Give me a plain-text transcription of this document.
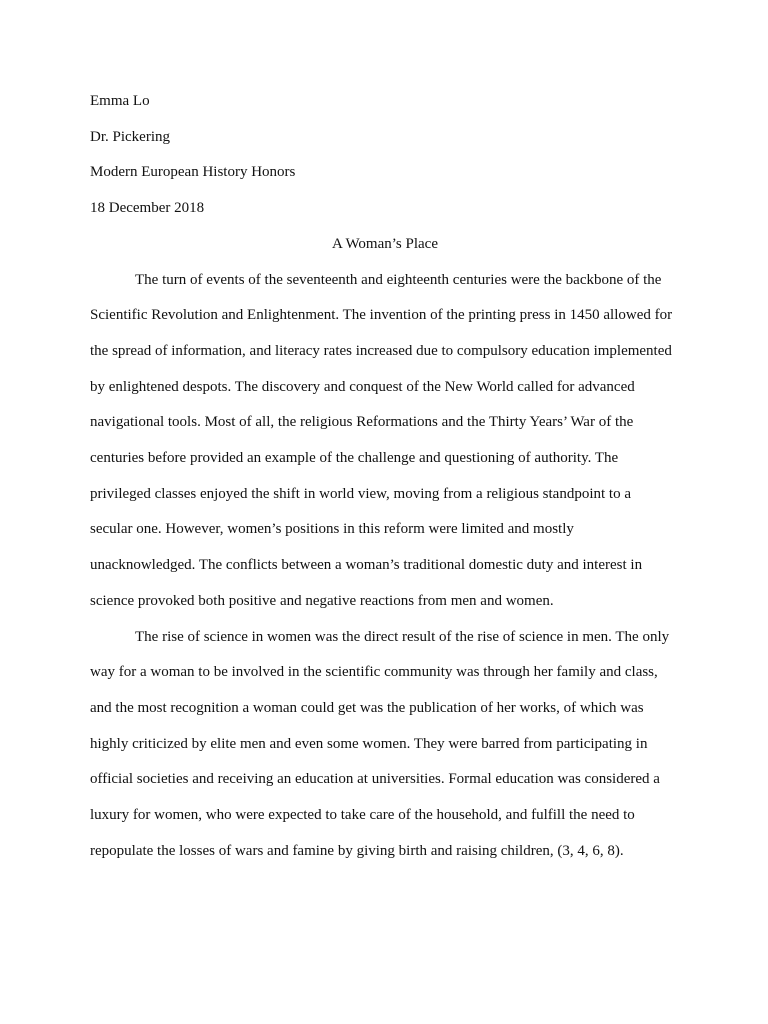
Emma Lo

Dr. Pickering

Modern European History Honors

18 December 2018

A Woman’s Place

The turn of events of the seventeenth and eighteenth centuries were the backbone of the
Scientific Revolution and Enlightenment. The invention of the printing press in 1450 allowed for
the spread of information, and literacy rates increased due to compulsory education implemented
by enlightened despots. The discovery and conquest of the New World called for advanced
navigational tools. Most of all, the religious Reformations and the Thirty Years’ War of the
centuries before provided an example of the challenge and questioning of authority. The
privileged classes enjoyed the shift in world view, moving from a religious standpoint to a
secular one. However, women’s positions in this reform were limited and mostly
unacknowledged. The conflicts between a woman’s traditional domestic duty and interest in
science provoked both positive and negative reactions from men and women.
The rise of science in women was the direct result of the rise of science in men. The only
way for a woman to be involved in the scientific community was through her family and class,
and the most recognition a woman could get was the publication of her works, of which was
highly criticized by elite men and even some women. They were barred from participating in
official societies and receiving an education at universities. Formal education was considered a
luxury for women, who were expected to take care of the household, and fulfill the need to
repopulate the losses of wars and famine by giving birth and raising children, (3, 4, 6, 8).
